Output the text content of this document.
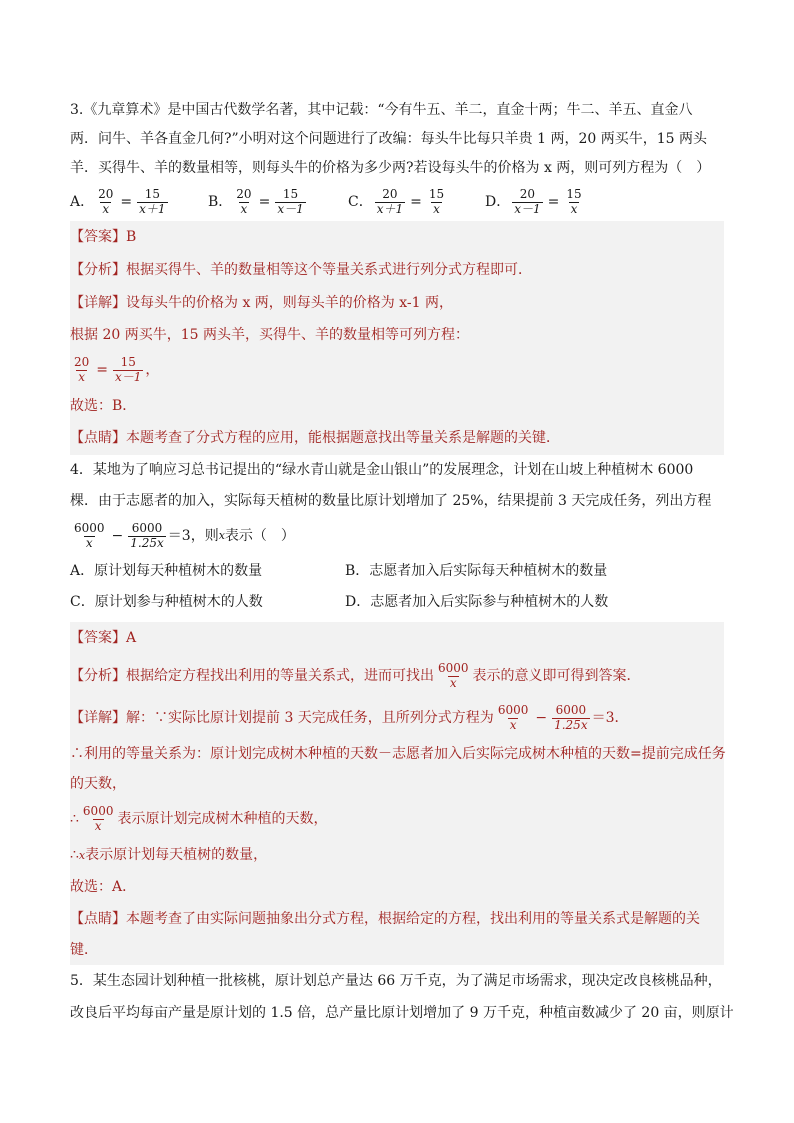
3.《九章算术》是中国古代数学名著，其中记载：“今有牛五、羊二，直金十两；牛二、羊五、直金八
两．问牛、羊各直金几何?”小明对这个问题进行了改编：每头牛比每只羊贵 1 两，20 两买牛，15 两头
羊．买得牛、羊的数量相等，则每头牛的价格为多少两?若设每头牛的价格为 x 两，则可列方程为（　）
A． $\frac{20}{x} = \frac{15}{x+1}$	B． $\frac{20}{x} = \frac{15}{x-1}$	C． $\frac{20}{x+1} = \frac{15}{x}$	D． $\frac{20}{x-1} = \frac{15}{x}$
【答案】B
【分析】根据买得牛、羊的数量相等这个等量关系式进行列分式方程即可．
【详解】设每头牛的价格为 x 两，则每头羊的价格为 x-1 两，
根据 20 两买牛，15 两头羊，买得牛、羊的数量相等可列方程：
$\frac{20}{x} = \frac{15}{x-1}$ ，
故选：B．
【点睛】本题考查了分式方程的应用，能根据题意找出等量关系是解题的关键．
4．某地为了响应习总书记提出的“绿水青山就是金山银山”的发展理念，计划在山坡上种植树木 6000
棵．由于志愿者的加入，实际每天植树的数量比原计划增加了 25%，结果提前 3 天完成任务，列出方程
$\frac{6000}{x} - \frac{6000}{1.25x} =3$，则 x 表示（　）
A．原计划每天种植树木的数量	B．志愿者加入后实际每天种植树木的数量
C．原计划参与种植树木的人数	D．志愿者加入后实际参与种植树木的人数
【答案】A
【分析】 根据给定方程找出利用的等量关系式，进而可找出 $\frac{6000}{x}$ 表示的意义即可得到答案．
【详解】 解：∵实际比原计划提前 3 天完成任务，且所列分式方程为 $\frac{6000}{x} - \frac{6000}{1.25x} =3$．
∴利用的等量关系为：原计划完成树木种植的天数－志愿者加入后实际完成树木种植的天数=提前完成任务
的天数，
∴ $\frac{6000}{x}$ 表示原计划完成树木种植的天数，
∴x表示原计划每天植树的数量，
故选：A．
【点睛】本题考查了由实际问题抽象出分式方程，根据给定的方程，找出利用的等量关系式是解题的关
键．
5．某生态园计划种植一批核桃，原计划总产量达 66 万千克，为了满足市场需求，现决定改良核桃品种，
改良后平均每亩产量是原计划的 1.5 倍，总产量比原计划增加了 9 万千克，种植亩数减少了 20 亩，则原计
